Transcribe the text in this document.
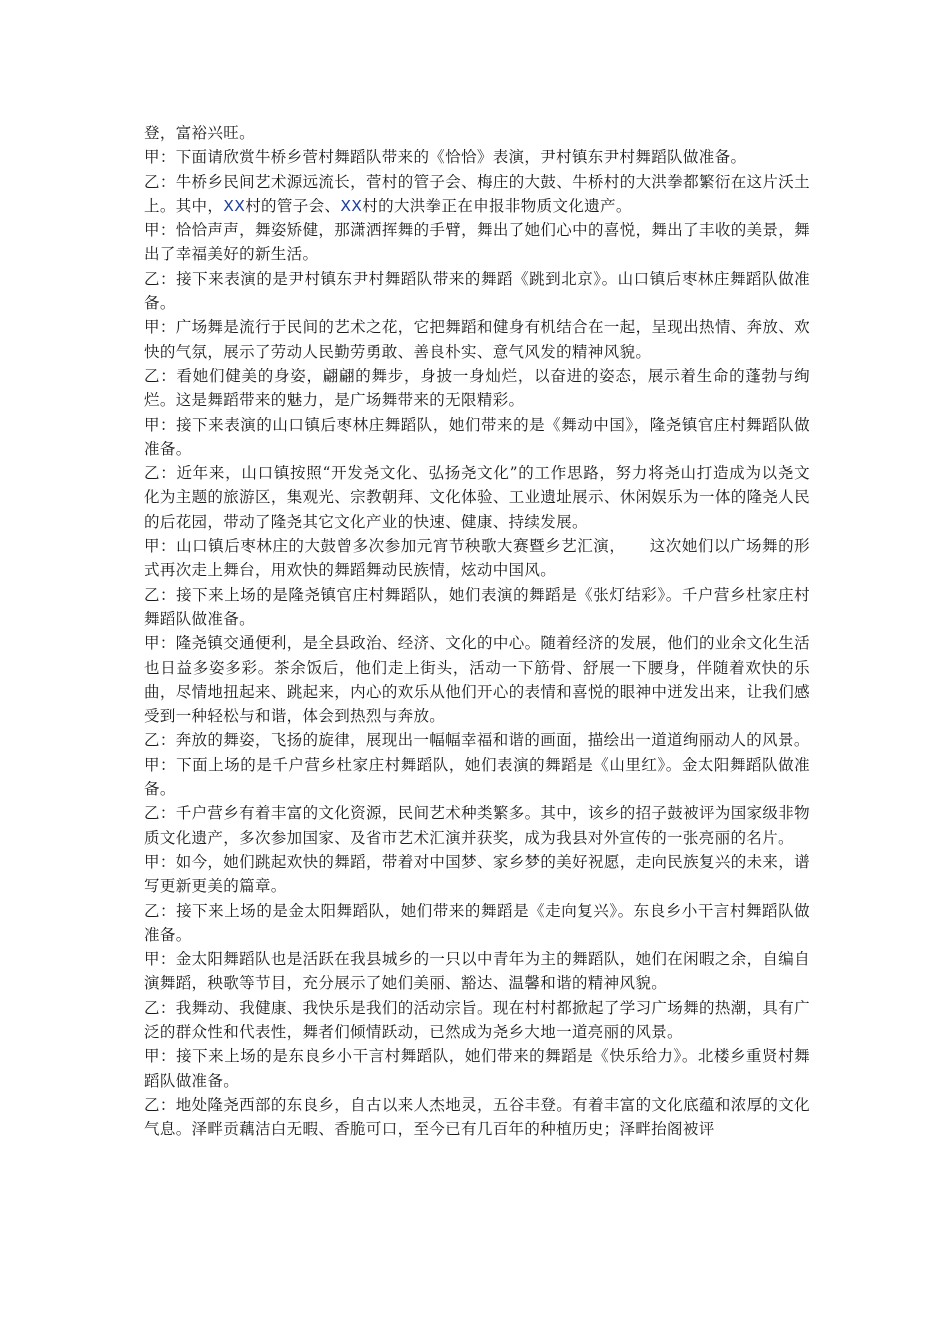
登，富裕兴旺。

甲：下面请欣赏牛桥乡菅村舞蹈队带来的《恰恰》表演，尹村镇东尹村舞蹈队做准备。

乙：牛桥乡民间艺术源远流长，菅村的管子会、梅庄的大鼓、牛桥村的大洪拳都繁衍在这片沃土上。其中，XX村的管子会、XX村的大洪拳正在申报非物质文化遗产。

甲：恰恰声声，舞姿矫健，那潇洒挥舞的手臂，舞出了她们心中的喜悦，舞出了丰收的美景，舞出了幸福美好的新生活。

乙：接下来表演的是尹村镇东尹村舞蹈队带来的舞蹈《跳到北京》。山口镇后枣林庄舞蹈队做准备。

甲：广场舞是流行于民间的艺术之花，它把舞蹈和健身有机结合在一起，呈现出热情、奔放、欢快的气氛，展示了劳动人民勤劳勇敢、善良朴实、意气风发的精神风貌。

乙：看她们健美的身姿，翩翩的舞步，身披一身灿烂，以奋进的姿态，展示着生命的蓬勃与绚烂。这是舞蹈带来的魅力，是广场舞带来的无限精彩。

甲：接下来表演的山口镇后枣林庄舞蹈队，她们带来的是《舞动中国》，隆尧镇官庄村舞蹈队做准备。

乙：近年来，山口镇按照“开发尧文化、弘扬尧文化”的工作思路，努力将尧山打造成为以尧文化为主题的旅游区，集观光、宗教朝拜、文化体验、工业遗址展示、休闲娱乐为一体的隆尧人民的后花园，带动了隆尧其它文化产业的快速、健康、持续发展。

甲：山口镇后枣林庄的大鼓曾多次参加元宵节秧歌大赛暨乡艺汇演，　　这次她们以广场舞的形式再次走上舞台，用欢快的舞蹈舞动民族情，炫动中国风。

乙：接下来上场的是隆尧镇官庄村舞蹈队，她们表演的舞蹈是《张灯结彩》。千户营乡杜家庄村舞蹈队做准备。

甲：隆尧镇交通便利，是全县政治、经济、文化的中心。随着经济的发展，他们的业余文化生活也日益多姿多彩。茶余饭后，他们走上街头，活动一下筋骨、舒展一下腰身，伴随着欢快的乐曲，尽情地扭起来、跳起来，内心的欢乐从他们开心的表情和喜悦的眼神中迸发出来，让我们感受到一种轻松与和谐，体会到热烈与奔放。

乙：奔放的舞姿，飞扬的旋律，展现出一幅幅幸福和谐的画面，描绘出一道道绚丽动人的风景。

甲：下面上场的是千户营乡杜家庄村舞蹈队，她们表演的舞蹈是《山里红》。金太阳舞蹈队做准备。

乙：千户营乡有着丰富的文化资源，民间艺术种类繁多。其中，该乡的招子鼓被评为国家级非物质文化遗产，多次参加国家、及省市艺术汇演并获奖，成为我县对外宣传的一张亮丽的名片。

甲：如今，她们跳起欢快的舞蹈，带着对中国梦、家乡梦的美好祝愿，走向民族复兴的未来，谱写更新更美的篇章。

乙：接下来上场的是金太阳舞蹈队，她们带来的舞蹈是《走向复兴》。东良乡小干言村舞蹈队做准备。

甲：金太阳舞蹈队也是活跃在我县城乡的一只以中青年为主的舞蹈队，她们在闲暇之余，自编自演舞蹈，秧歌等节目，充分展示了她们美丽、豁达、温馨和谐的精神风貌。

乙：我舞动、我健康、我快乐是我们的活动宗旨。现在村村都掀起了学习广场舞的热潮，具有广泛的群众性和代表性，舞者们倾情跃动，已然成为尧乡大地一道亮丽的风景。

甲：接下来上场的是东良乡小干言村舞蹈队，她们带来的舞蹈是《快乐给力》。北楼乡重贤村舞蹈队做准备。

乙：地处隆尧西部的东良乡，自古以来人杰地灵，五谷丰登。有着丰富的文化底蕴和浓厚的文化气息。泽畔贡藕洁白无暇、香脆可口，至今已有几百年的种植历史；泽畔抬阁被评
